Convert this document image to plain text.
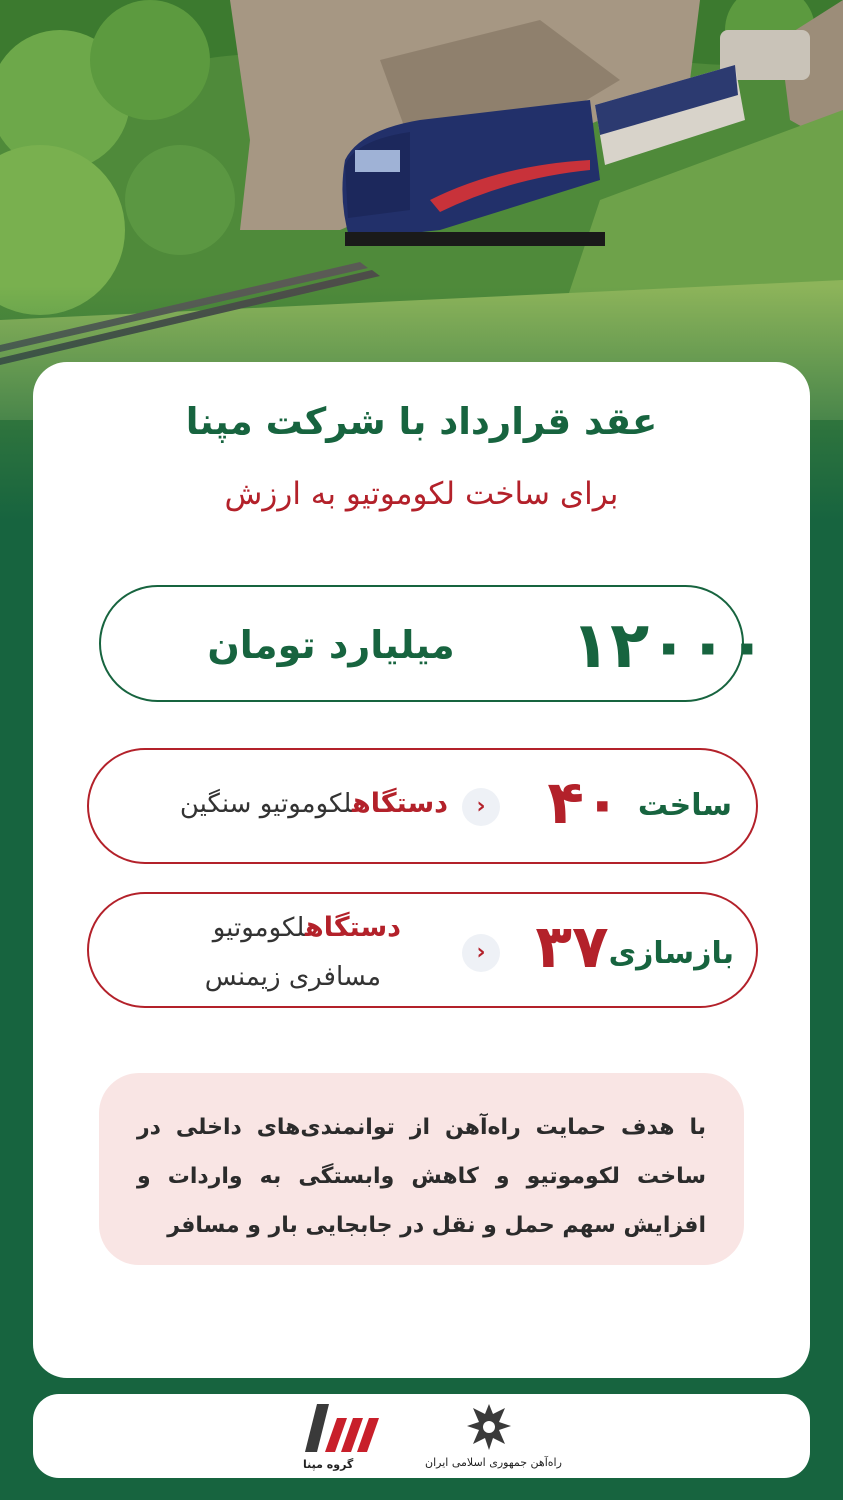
عقد قرارداد با شرکت مپنا
برای ساخت لکوموتیو به ارزش
۱۲۰۰۰
میلیارد تومان
ساخت
۴۰
›
دستگاهلکوموتیو سنگین
بازسازی
۳۷
›
دستگاهلکوموتیو
مسافری زیمنس
با هدف حمایت راه‌آهن از توانمندی‌های داخلی در ساخت لکوموتیو و کاهش وابستگی به واردات و افزایش سهم حمل و نقل در جابجایی بار و مسافر
گروه مپنا	راه‌آهن جمهوری اسلامی ایران
